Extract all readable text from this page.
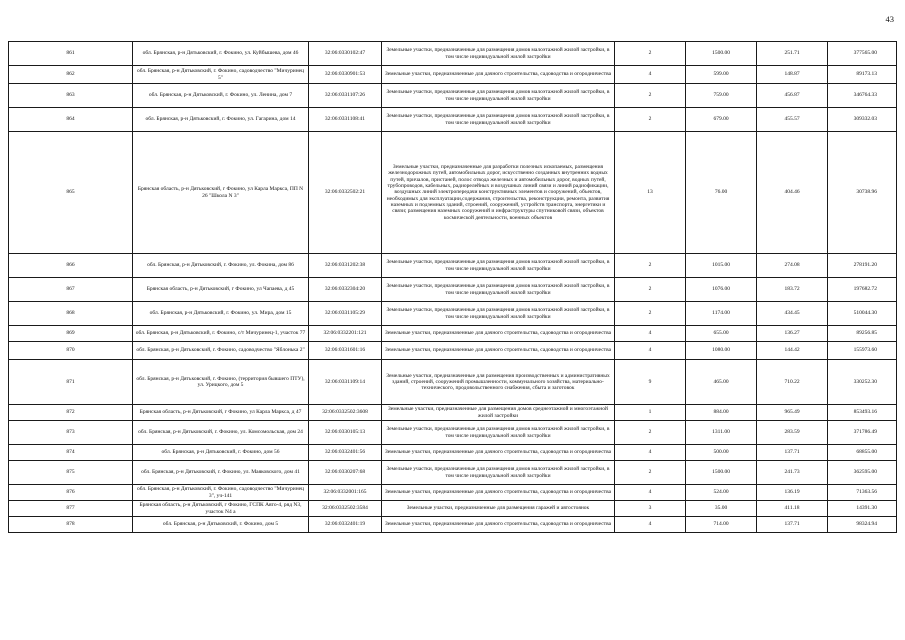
43
861	обл. Брянская, р-н Дятьковский, г. Фокино, ул. Куйбышева, дом 46	32:06:0330102:47	Земельные участки, предназначенные для размещения домов малоэтажной жилой застройки, в том числе индивидуальной жилой застройки	2	1500.00	251.71	377565.00
862	обл. Брянская, р-н Дятьковский, г. Фокино, садоводчество "Мичуринец 5"	32:06:0330901:53	Земельные участки, предназначенные для дачного строительства, садоводства и огородничества	4	599.00	148.87	89173.13
863	обл. Брянская, р-н Дятьковский, г. Фокино, ул. Ленина, дом 7	32:06:0331107:26	Земельные участки, предназначенные для размещения домов малоэтажной жилой застройки, в том числе индивидуальной жилой застройки	2	759.00	456.87	346764.33
864	обл. Брянская, р-н Дятьковский, г. Фокино, ул. Гагарина, дом 14	32:06:0331108:41	Земельные участки, предназначенные для размещения домов малоэтажной жилой застройки, в том числе индивидуальной жилой застройки	2	679.00	455.57	309332.03
865	Брянская область, р-н Дятьковский, г Фокино, ул Карла Маркса, ПП N 26 "Школа N 3"	32:06:0332502:21	Земельные участки, предназначенные для разработки полезных ископаемых, размещения железнодорожных путей, автомобильных дорог, искусственно созданных внутренних водных путей, причалов, пристаней, полос отвода железных и автомобильных дорог, водных путей, трубопроводов, кабельных, радиорелейных и воздушных линий связи и линий радиофикации, воздушных линий электропередачи конструктивных элементов и сооружений, объектов, необходимых для эксплуатации,содержания, строительства, реконструкции, ремонта, развития наземных и подземных зданий, строений, сооружений, устройств транспорта, энергетики и связи; размещения наземных сооружений и инфраструктуры спутниковой связи, объектов космической деятельности, военных объектов	13	76.00	404.46	30738.96
866	обл. Брянская, р-н Дятьковский, г. Фокино, ул. Фокина, дом 86	32:06:0331202:38	Земельные участки, предназначенные для размещения домов малоэтажной жилой застройки, в том числе индивидуальной жилой застройки	2	1015.00	274.08	278191.20
867	Брянская область, р-н Дятьковский, г Фокино, ул Чапаева, д 45	32:06:0332304:20	Земельные участки, предназначенные для размещения домов малоэтажной жилой застройки, в том числе индивидуальной жилой застройки	2	1076.00	183.72	197682.72
868	обл. Брянская, р-н Дятьковский, г. Фокино, ул. Мира, дом 15	32:06:0331105:29	Земельные участки, предназначенные для размещения домов малоэтажной жилой застройки, в том числе индивидуальной жилой застройки	2	1174.00	434.45	510044.30
869	обл. Брянская, р-н Дятьковский, г. Фокино, с/т Мичуринец-1, участок 77	32:06:0332201:121	Земельные участки, предназначенные для дачного строительства, садоводства и огородничества	4	655.00	136.27	89256.85
870	обл. Брянская, р-н Дятьковский, г. Фокино, садоводчество "Яблонька 2"	32:06:0331601:16	Земельные участки, предназначенные для дачного строительства, садоводства и огородничества	4	1080.00	144.42	155973.60
871	обл. Брянская, р-н Дятьковский, г. Фокино, (территория бывшего ПТУ), ул. Урицкого, дом 5	32:06:0331109:14	Земельные участки, предназначенные для размещения производственных и административных зданий, строений, сооружений промышленности, коммунального хозяйства, материально-технического, продовольственного снабжения, сбыта и заготовок	9	465.00	710.22	330252.30
872	Брянская область, р-н Дятьковский, г Фокино, ул Карла Маркса, д 47	32:06:0332502:3608	Земельные участки, предназначенные для размещения домов среднеэтажной и многоэтажной жилой застройки	1	884.00	965.49	853493.16
873	обл. Брянская, р-н Дятьковский, г. Фокино, ул. Комсомольская, дом 24	32:06:0330105:13	Земельные участки, предназначенные для размещения домов малоэтажной жилой застройки, в том числе индивидуальной жилой застройки	2	1311.00	283.59	371786.49
874	обл. Брянская, р-н Дятьковский, г. Фокино, дом 56	32:06:0332401:56	Земельные участки, предназначенные для дачного строительства, садоводства и огородничества	4	500.00	137.71	68855.00
875	обл. Брянская, р-н Дятьковский, г. Фокино, ул. Маяковского, дом 41	32:06:0330207:68	Земельные участки, предназначенные для размещения домов малоэтажной жилой застройки, в том числе индивидуальной жилой застройки	2	1500.00	241.73	362595.00
876	обл. Брянская, р-н Дятьковский, г. Фокино, садоводчество "Мичуринец 3", уч-141	32:06:0332001:165	Земельные участки, предназначенные для дачного строительства, садоводства и огородничества	4	524.00	136.19	71363.56
877	Брянская область, р-н Дятьковский, г Фокино, ГСПК Авто-4, ряд N3, участок N4 а	32:06:0332502:3584	Земельные участки, предназначенные для размещения гаражей и автостоянок	3	35.00	411.18	14391.30
878	обл. Брянская, р-н Дятьковский, г. Фокино, дом 5	32:06:0332401:19	Земельные участки, предназначенные для дачного строительства, садоводства и огородничества	4	714.00	137.71	98324.94
